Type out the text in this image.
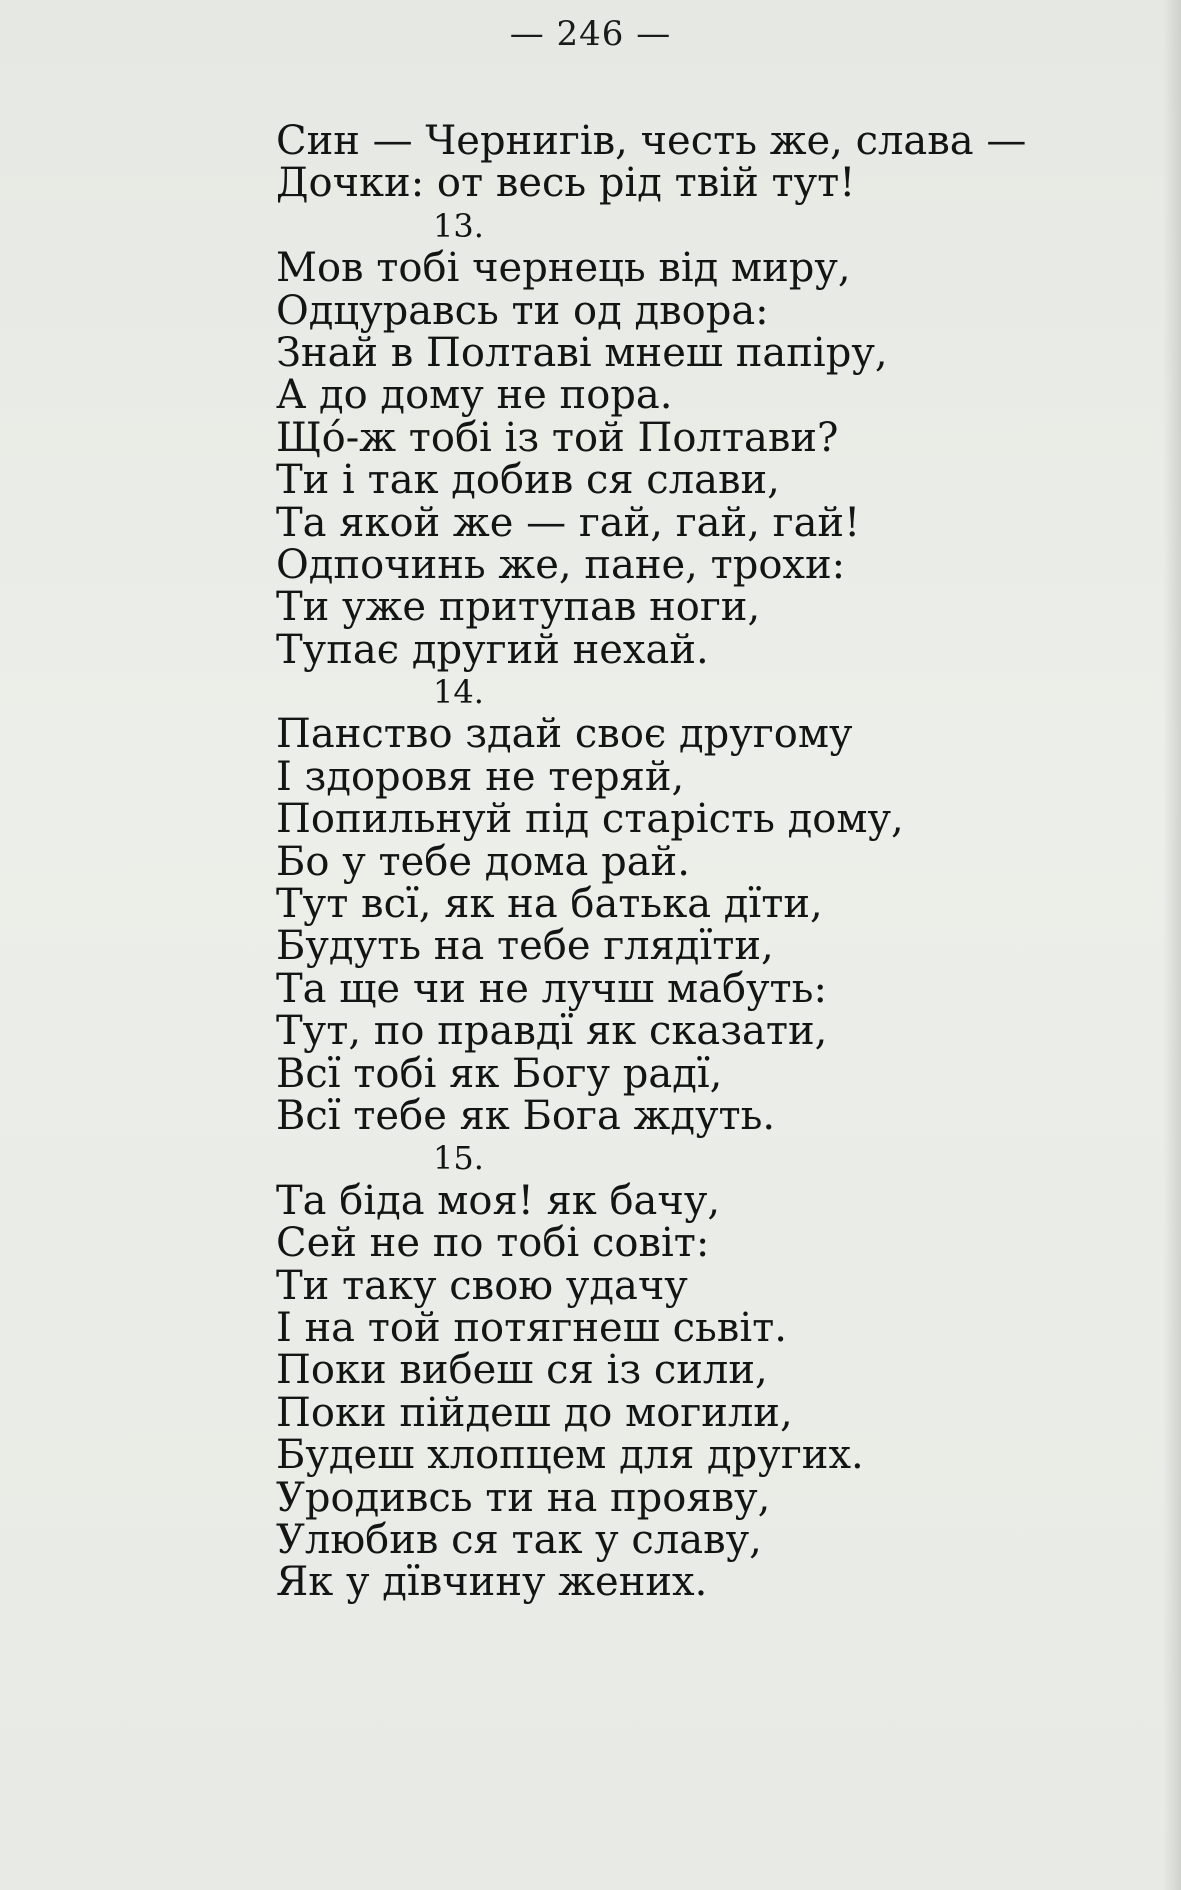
— 246 —
Син — Чернигів, честь же, слава —
Дочки: от весь рід твій тут!
13.
Мов тобі чернець від миру,
Одцуравсь ти од двора:
Знай в Полтаві мнеш папіру,
А до дому не пора.
Щó-ж тобі із той Полтави?
Ти і так добив ся слави,
Та якой же — гай, гай, гай!
Одпочинь же, пане, трохи:
Ти уже притупав ноги,
Тупає другий нехай.
14.
Панство здай своє другому
І здоровя не теряй,
Попильнуй під старість дому,
Бо у тебе дома рай.
Тут всї, як на батька дїти,
Будуть на тебе глядїти,
Та ще чи не лучш мабуть:
Тут, по правдї як сказати,
Всї тобі як Богу радї,
Всї тебе як Бога ждуть.
15.
Та біда моя! як бачу,
Сей не по тобі совіт:
Ти таку свою удачу
І на той потягнеш сьвіт.
Поки вибеш ся із сили,
Поки пійдеш до могили,
Будеш хлопцем для других.
Уродивсь ти на прояву,
Улюбив ся так у славу,
Як у дївчину жених.
